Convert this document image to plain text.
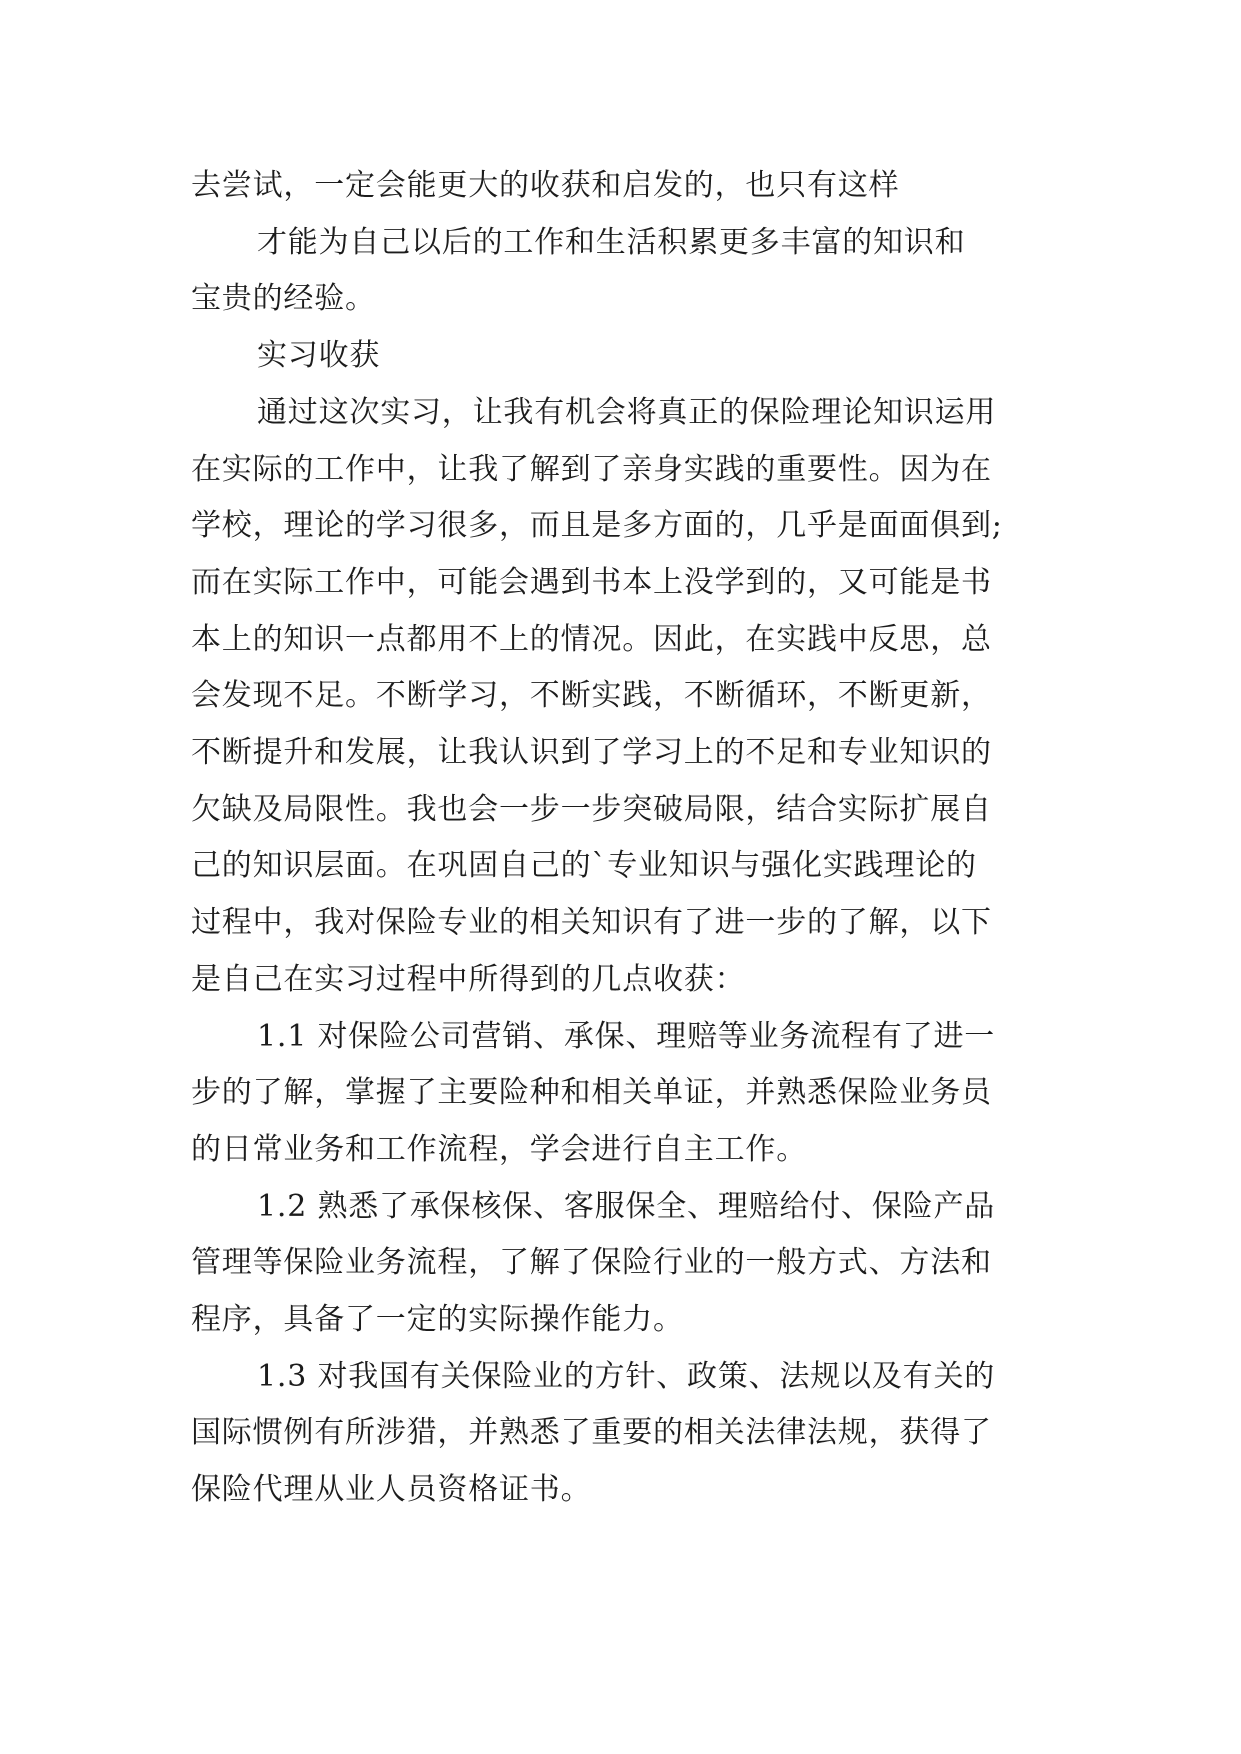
去尝试，一定会能更大的收获和启发的，也只有这样

才能为自己以后的工作和生活积累更多丰富的知识和
宝贵的经验。

实习收获

通过这次实习，让我有机会将真正的保险理论知识运用
在实际的工作中，让我了解到了亲身实践的重要性。因为在
学校，理论的学习很多，而且是多方面的，几乎是面面俱到;
而在实际工作中，可能会遇到书本上没学到的，又可能是书
本上的知识一点都用不上的情况。因此，在实践中反思，总
会发现不足。不断学习，不断实践，不断循环，不断更新，
不断提升和发展，让我认识到了学习上的不足和专业知识的
欠缺及局限性。我也会一步一步突破局限，结合实际扩展自
己的知识层面。在巩固自己的`专业知识与强化实践理论的
过程中，我对保险专业的相关知识有了进一步的了解，以下
是自己在实习过程中所得到的几点收获：

1.1 对保险公司营销、承保、理赔等业务流程有了进一
步的了解，掌握了主要险种和相关单证，并熟悉保险业务员
的日常业务和工作流程，学会进行自主工作。

1.2 熟悉了承保核保、客服保全、理赔给付、保险产品
管理等保险业务流程，了解了保险行业的一般方式、方法和
程序，具备了一定的实际操作能力。

1.3 对我国有关保险业的方针、政策、法规以及有关的
国际惯例有所涉猎，并熟悉了重要的相关法律法规，获得了
保险代理从业人员资格证书。
